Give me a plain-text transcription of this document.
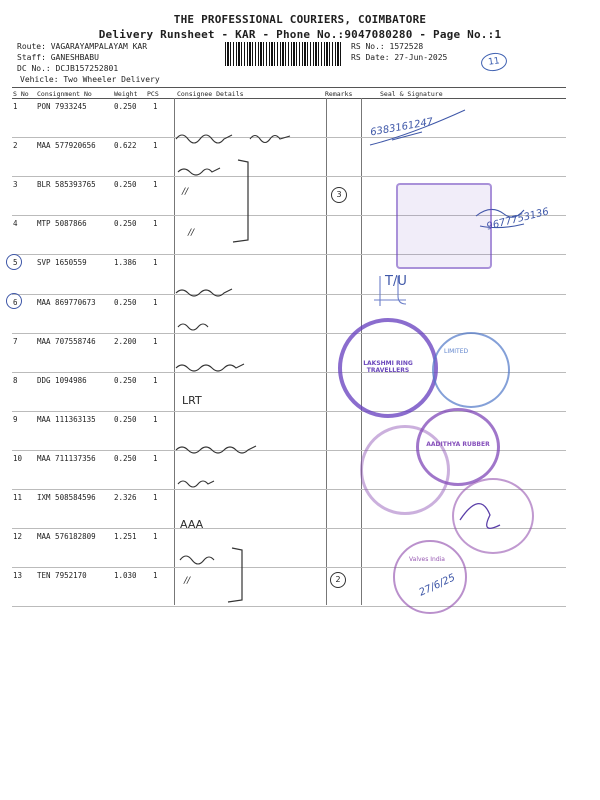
THE PROFESSIONAL COURIERS, COIMBATORE
Delivery Runsheet - KAR - Phone No.:9047080280 - Page No.:1
Route: VAGARAYAMPALAYAM KAR
Staff: GANESHBABU
DC No.: DCJB157252801
Vehicle: Two Wheeler Delivery
RS No.: 1572528
RS Date: 27-Jun-2025	11
S No Consignment No	Weight PCS	Consignee Details	Remarks	Seal & Signature
1	PON 7933245	0.250 1
2	MAA 577920656 0.622 1
3	BLR 585393765 0.250 1
4	MTP 5087866	0.250 1
5	SVP 1650559	1.386 1
6	MAA 869770673 0.250 1
7	MAA 707558746 2.200 1
8	DDG 1094986	0.250 1
9	MAA 111363135 0.250 1
10 MAA 711137356 0.250 1
11 IXM 508584596 2.326 1
12 MAA 576182809 1.251 1
13 TEN 7952170	1.030 1
6383161247
9677753136
//
//
LRT
AAA
//
T/U
27/6/25
3
2
LAKSHMI RING TRAVELLERS
LIMITED
AADITHYA RUBBER
Valves India
